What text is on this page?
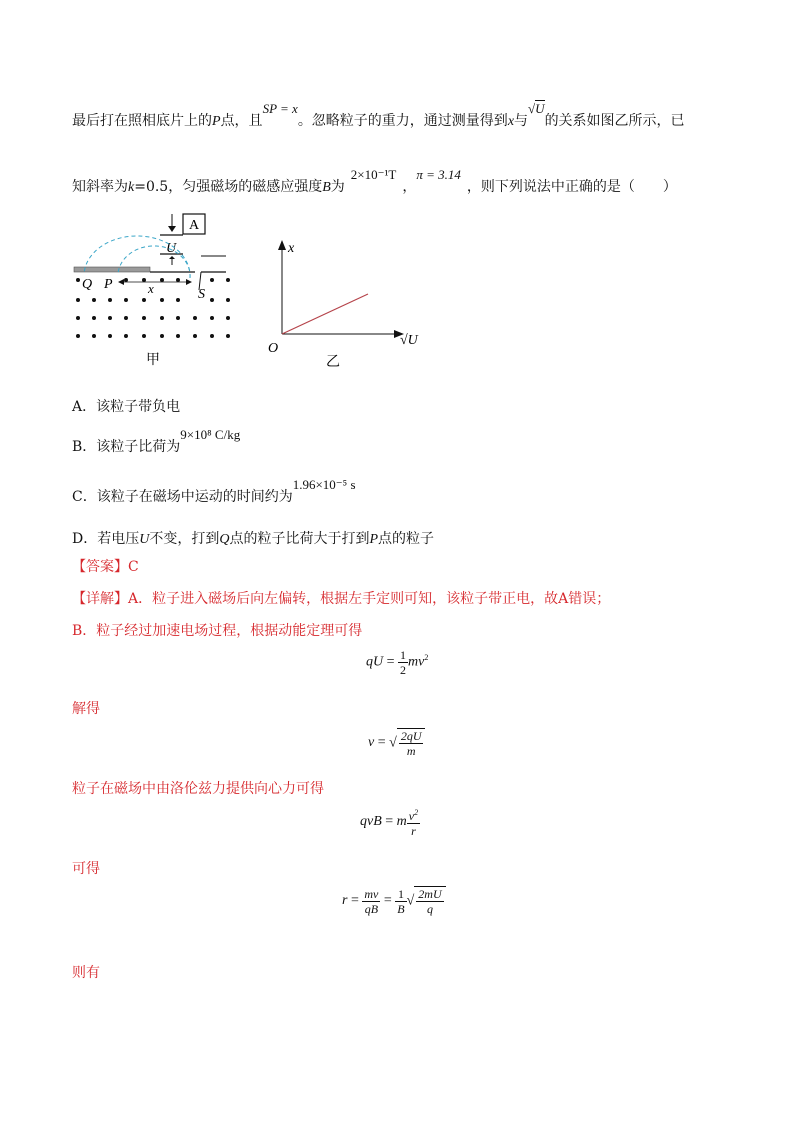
最后打在照相底片上的P点，且SP = x。忽略粒子的重力，通过测量得到x与√U的关系如图乙所示，已
知斜率为k=0.5，匀强磁场的磁感应强度B为2×10⁻¹T，π = 3.14，则下列说法中正确的是（　　）
A
U
x
Q P
S
甲
x
√U
O
乙
A．该粒子带负电
B．该粒子比荷为9×10⁸ C/kg
C．该粒子在磁场中运动的时间约为1.96×10⁻⁵ s
D．若电压U不变，打到Q点的粒子比荷大于打到P点的粒子
【答案】C
【详解】A．粒子进入磁场后向左偏转，根据左手定则可知，该粒子带正电，故A错误；
B．粒子经过加速电场过程，根据动能定理可得
qU = $\frac{1}{2} mv^2$
解得
v = √ $\frac{2qU}{m}$
粒子在磁场中由洛伦兹力提供向心力可得
qvB = m $\frac{v^2}{r}$
可得
$r = \frac{mv}{qB} = \frac{1}{B}$ √ $\frac{2mU}{q}$
则有
